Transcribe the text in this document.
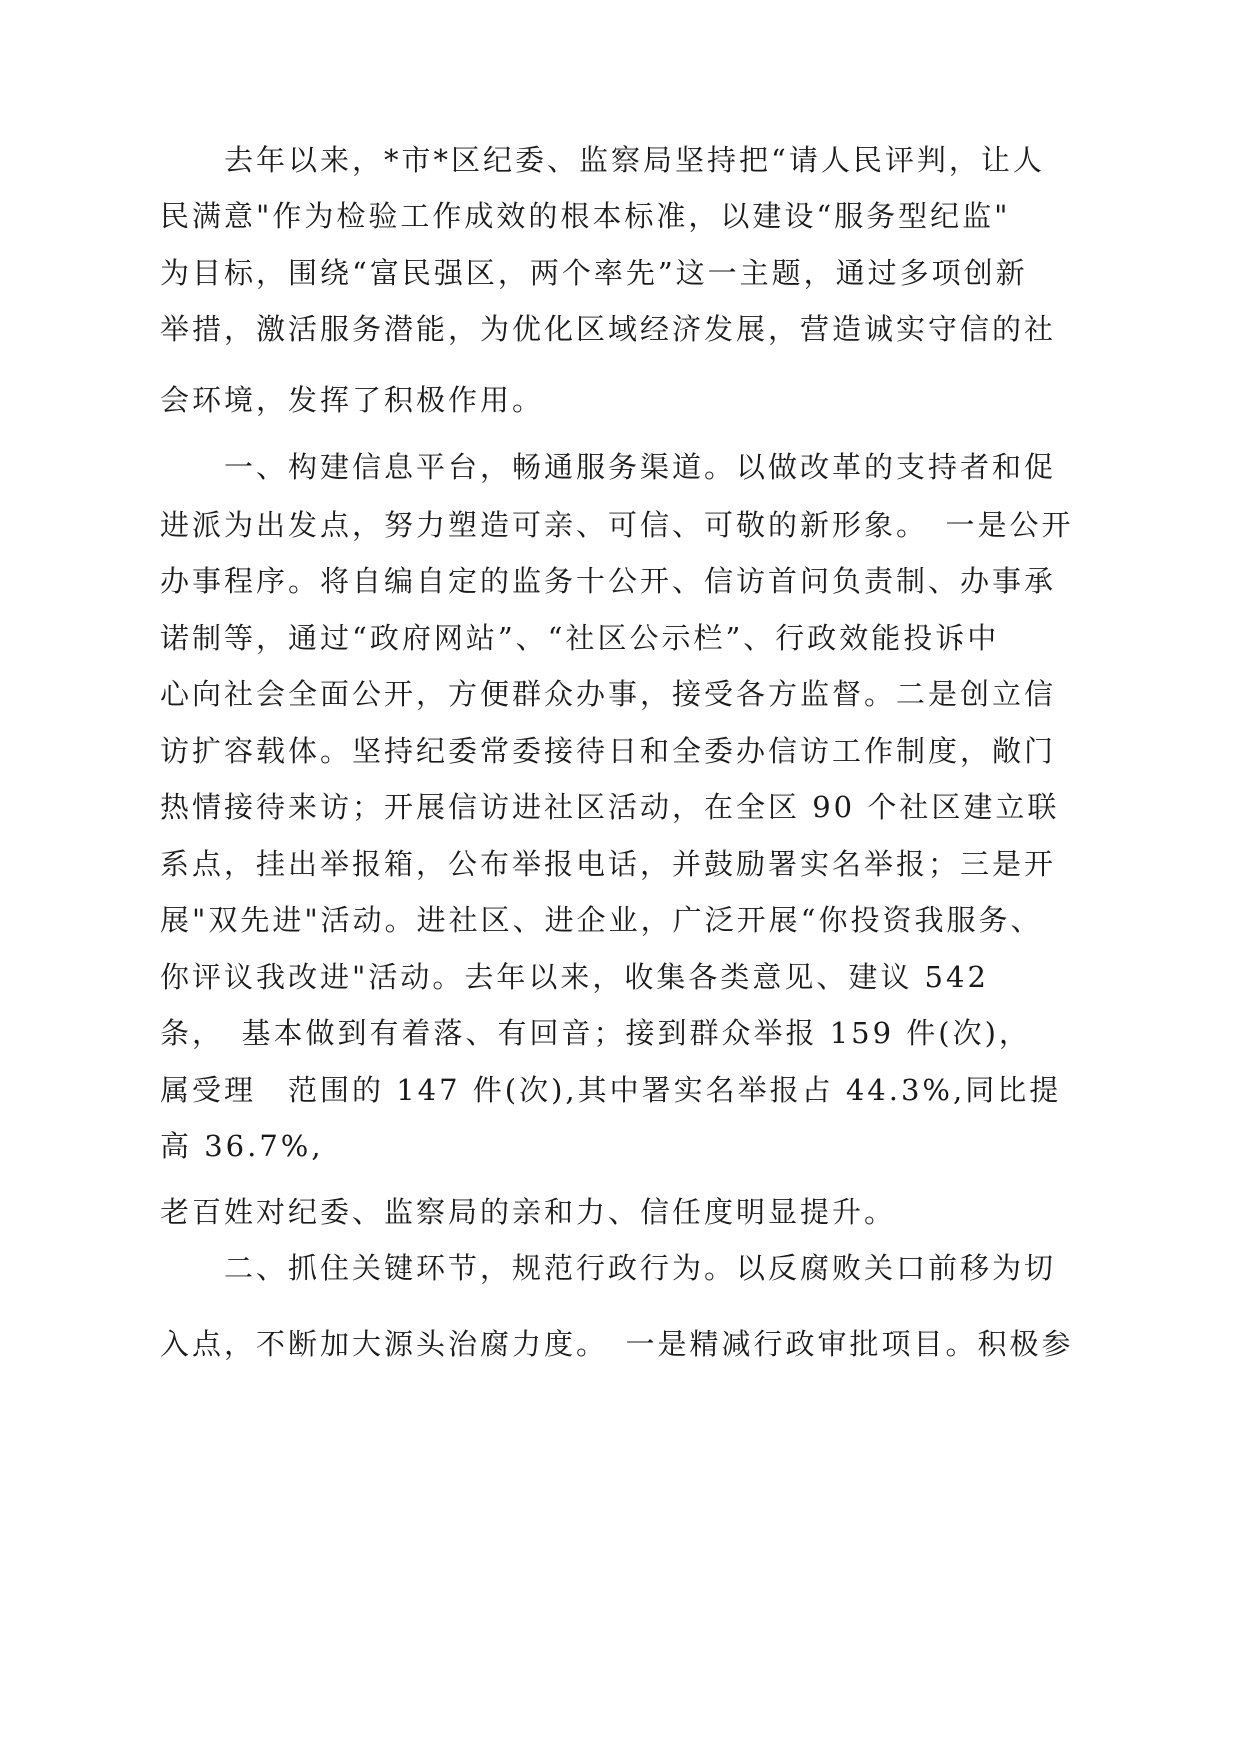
　　去年以来，*市*区纪委、监察局坚持把“请人民评判，让人
民满意"作为检验工作成效的根本标准，以建设“服务型纪监"
为目标，围绕“富民强区，两个率先”这一主题，通过多项创新
举措，激活服务潜能，为优化区域经济发展，营造诚实守信的社
会环境，发挥了积极作用。
　　一、构建信息平台，畅通服务渠道。以做改革的支持者和促
进派为出发点，努力塑造可亲、可信、可敬的新形象。　一是公开
办事程序。将自编自定的监务十公开、信访首问负责制、办事承
诺制等，通过“政府网站”、“社区公示栏”、行政效能投诉中
心向社会全面公开，方便群众办事，接受各方监督。二是创立信
访扩容载体。坚持纪委常委接待日和全委办信访工作制度，敞门
热情接待来访；开展信访进社区活动，在全区 90 个社区建立联
系点，挂出举报箱，公布举报电话，并鼓励署实名举报；三是开
展"双先进"活动。进社区、进企业，广泛开展“你投资我服务、
你评议我改进"活动。去年以来，收集各类意见、建议 542
条，　基本做到有着落、有回音；接到群众举报 159 件(次)，
属受理　范围的 147 件(次),其中署实名举报占 44.3%,同比提
高 36.7%,
老百姓对纪委、监察局的亲和力、信任度明显提升。
　　二、抓住关键环节，规范行政行为。以反腐败关口前移为切
入点，不断加大源头治腐力度。　一是精减行政审批项目。积极参
